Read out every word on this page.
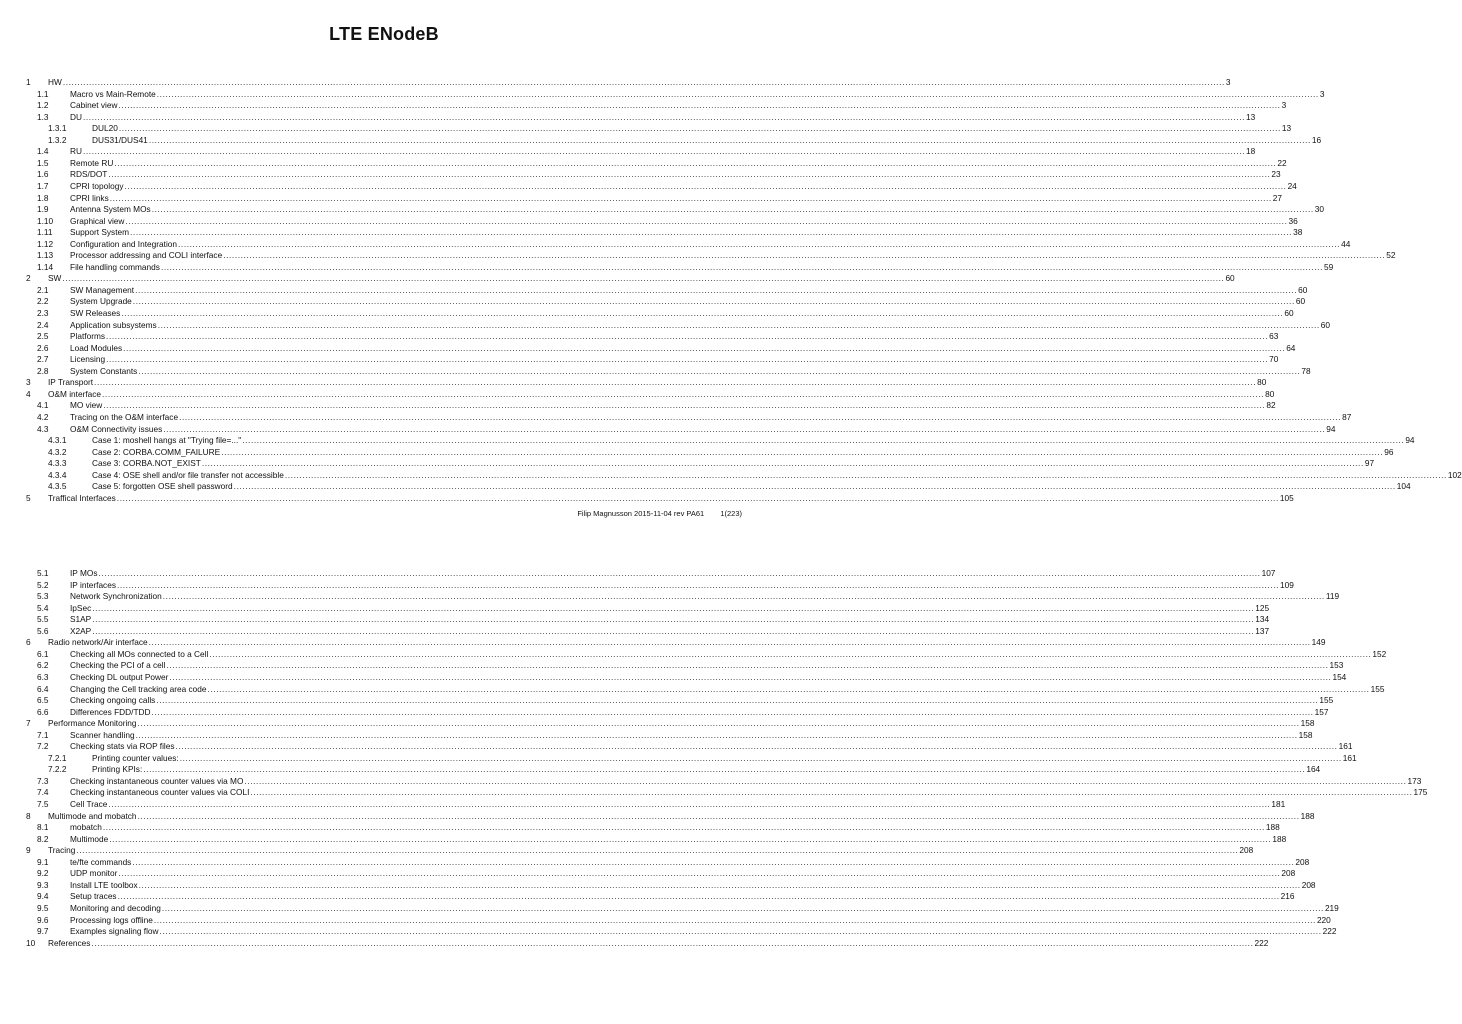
LTE ENodeB
1 HW ................................................................................................................................................................................................................................................................................................................................................................................................................ 3
1.1	Macro vs Main-Remote ................................................................................................................................................................................................................................................................................................................................................................................................................ 3
1.2	Cabinet view ................................................................................................................................................................................................................................................................................................................................................................................................................ 3
1.3	DU ................................................................................................................................................................................................................................................................................................................................................................................................................ 13
1.3.1	DUL20 ................................................................................................................................................................................................................................................................................................................................................................................................................ 13
1.3.2	DUS31/DUS41 ................................................................................................................................................................................................................................................................................................................................................................................................................ 16
1.4	RU ................................................................................................................................................................................................................................................................................................................................................................................................................ 18
1.5	Remote RU ................................................................................................................................................................................................................................................................................................................................................................................................................ 22
1.6	RDS/DOT ................................................................................................................................................................................................................................................................................................................................................................................................................ 23
1.7	CPRI topology ................................................................................................................................................................................................................................................................................................................................................................................................................ 24
1.8	CPRI links ................................................................................................................................................................................................................................................................................................................................................................................................................ 27
1.9	Antenna System MOs ................................................................................................................................................................................................................................................................................................................................................................................................................ 30
1.10 Graphical view ................................................................................................................................................................................................................................................................................................................................................................................................................ 36
1.11 Support System ................................................................................................................................................................................................................................................................................................................................................................................................................ 38
1.12 Configuration and Integration ................................................................................................................................................................................................................................................................................................................................................................................................................ 44
1.13 Processor addressing and COLI interface ................................................................................................................................................................................................................................................................................................................................................................................................................ 52
1.14 File handling commands ................................................................................................................................................................................................................................................................................................................................................................................................................ 59
2 SW ................................................................................................................................................................................................................................................................................................................................................................................................................ 60
2.1	SW Management ................................................................................................................................................................................................................................................................................................................................................................................................................ 60
2.2	System Upgrade ................................................................................................................................................................................................................................................................................................................................................................................................................ 60
2.3	SW Releases ................................................................................................................................................................................................................................................................................................................................................................................................................ 60
2.4	Application subsystems ................................................................................................................................................................................................................................................................................................................................................................................................................ 60
2.5	Platforms ................................................................................................................................................................................................................................................................................................................................................................................................................ 63
2.6	Load Modules ................................................................................................................................................................................................................................................................................................................................................................................................................ 64
2.7	Licensing ................................................................................................................................................................................................................................................................................................................................................................................................................ 70
2.8	System Constants ................................................................................................................................................................................................................................................................................................................................................................................................................ 78
3 IP Transport ................................................................................................................................................................................................................................................................................................................................................................................................................ 80
4 O&M interface ................................................................................................................................................................................................................................................................................................................................................................................................................ 80
4.1	MO view ................................................................................................................................................................................................................................................................................................................................................................................................................ 82
4.2	Tracing on the O&M interface ................................................................................................................................................................................................................................................................................................................................................................................................................ 87
4.3	O&M Connectivity issues ................................................................................................................................................................................................................................................................................................................................................................................................................ 94
4.3.1	Case 1: moshell hangs at "Trying file=..." ................................................................................................................................................................................................................................................................................................................................................................................................................ 94
4.3.2	Case 2: CORBA.COMM_FAILURE ................................................................................................................................................................................................................................................................................................................................................................................................................ 96
4.3.3	Case 3: CORBA.NOT_EXIST ................................................................................................................................................................................................................................................................................................................................................................................................................ 97
4.3.4	Case 4: OSE shell and/or file transfer not accessible ................................................................................................................................................................................................................................................................................................................................................................................................................ 102
4.3.5	Case 5: forgotten OSE shell password ................................................................................................................................................................................................................................................................................................................................................................................................................ 104
5 Traffical Interfaces ................................................................................................................................................................................................................................................................................................................................................................................................................ 105
Filip Magnusson 2015-11-04 rev PA61 1(223)
5.1	IP MOs ................................................................................................................................................................................................................................................................................................................................................................................................................ 107
5.2	IP interfaces ................................................................................................................................................................................................................................................................................................................................................................................................................ 109
5.3	Network Synchronization ................................................................................................................................................................................................................................................................................................................................................................................................................ 119
5.4	IpSec ................................................................................................................................................................................................................................................................................................................................................................................................................ 125
5.5	S1AP ................................................................................................................................................................................................................................................................................................................................................................................................................ 134
5.6	X2AP ................................................................................................................................................................................................................................................................................................................................................................................................................ 137
6 Radio network/Air interface ................................................................................................................................................................................................................................................................................................................................................................................................................ 149
6.1	Checking all MOs connected to a Cell ................................................................................................................................................................................................................................................................................................................................................................................................................ 152
6.2	Checking the PCI of a cell ................................................................................................................................................................................................................................................................................................................................................................................................................ 153
6.3	Checking DL output Power ................................................................................................................................................................................................................................................................................................................................................................................................................ 154
6.4	Changing the Cell tracking area code ................................................................................................................................................................................................................................................................................................................................................................................................................ 155
6.5	Checking ongoing calls ................................................................................................................................................................................................................................................................................................................................................................................................................ 155
6.6	Differences FDD/TDD ................................................................................................................................................................................................................................................................................................................................................................................................................ 157
7 Performance Monitoring ................................................................................................................................................................................................................................................................................................................................................................................................................ 158
7.1	Scanner handling ................................................................................................................................................................................................................................................................................................................................................................................................................ 158
7.2	Checking stats via ROP files ................................................................................................................................................................................................................................................................................................................................................................................................................ 161
7.2.1	Printing counter values: ................................................................................................................................................................................................................................................................................................................................................................................................................ 161
7.2.2	Printing KPIs: ................................................................................................................................................................................................................................................................................................................................................................................................................ 164
7.3	Checking instantaneous counter values via MO ................................................................................................................................................................................................................................................................................................................................................................................................................ 173
7.4	Checking instantaneous counter values via COLI ................................................................................................................................................................................................................................................................................................................................................................................................................ 175
7.5	Cell Trace ................................................................................................................................................................................................................................................................................................................................................................................................................ 181
8 Multimode and mobatch ................................................................................................................................................................................................................................................................................................................................................................................................................ 188
8.1	mobatch ................................................................................................................................................................................................................................................................................................................................................................................................................ 188
8.2	Multimode ................................................................................................................................................................................................................................................................................................................................................................................................................ 188
9 Tracing ................................................................................................................................................................................................................................................................................................................................................................................................................ 208
9.1	te/fte commands ................................................................................................................................................................................................................................................................................................................................................................................................................ 208
9.2	UDP monitor ................................................................................................................................................................................................................................................................................................................................................................................................................ 208
9.3	Install LTE toolbox ................................................................................................................................................................................................................................................................................................................................................................................................................ 208
9.4	Setup traces ................................................................................................................................................................................................................................................................................................................................................................................................................ 216
9.5	Monitoring and decoding ................................................................................................................................................................................................................................................................................................................................................................................................................ 219
9.6	Processing logs offline ................................................................................................................................................................................................................................................................................................................................................................................................................ 220
9.7	Examples signaling flow ................................................................................................................................................................................................................................................................................................................................................................................................................ 222
10 References ................................................................................................................................................................................................................................................................................................................................................................................................................ 222
